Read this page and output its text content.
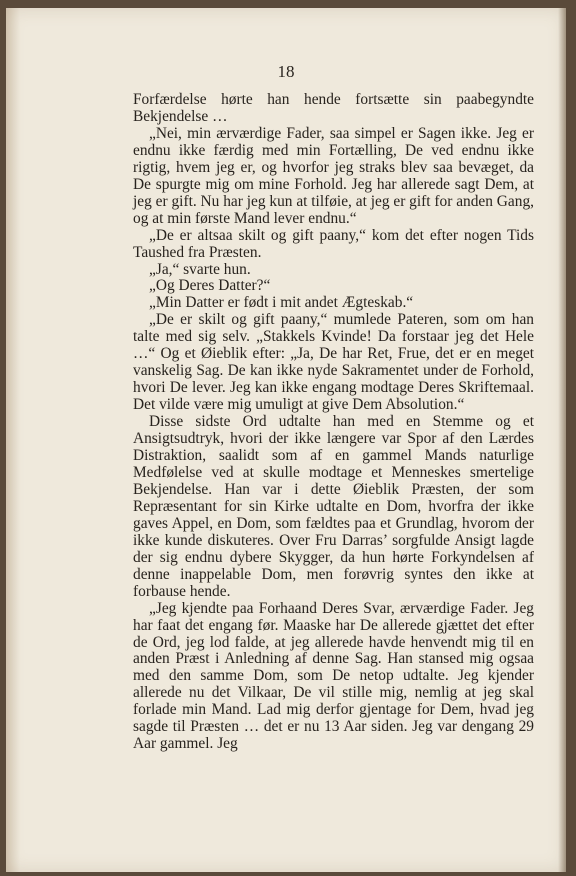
18

Forfærdelse hørte han hende fortsætte sin paabegyndte Bekjendelse …

„Nei, min ærværdige Fader, saa simpel er Sagen ikke. Jeg er endnu ikke færdig med min Fortælling, De ved endnu ikke rigtig, hvem jeg er, og hvorfor jeg straks blev saa bevæget, da De spurgte mig om mine Forhold. Jeg har allerede sagt Dem, at jeg er gift. Nu har jeg kun at tilføie, at jeg er gift for anden Gang, og at min første Mand lever endnu.“

„De er altsaa skilt og gift paany,“ kom det efter nogen Tids Taushed fra Præsten.

„Ja,“ svarte hun.

„Og Deres Datter?“

„Min Datter er født i mit andet Ægteskab.“

„De er skilt og gift paany,“ mumlede Pateren, som om han talte med sig selv. „Stakkels Kvinde! Da forstaar jeg det Hele …“ Og et Øieblik efter: „Ja, De har Ret, Frue, det er en meget vanskelig Sag. De kan ikke nyde Sakramentet under de Forhold, hvori De lever. Jeg kan ikke engang modtage Deres Skriftemaal. Det vilde være mig umuligt at give Dem Absolution.“

Disse sidste Ord udtalte han med en Stemme og et Ansigtsudtryk, hvori der ikke længere var Spor af den Lærdes Distraktion, saalidt som af en gammel Mands naturlige Medfølelse ved at skulle modtage et Menneskes smertelige Bekjendelse. Han var i dette Øieblik Præsten, der som Repræsentant for sin Kirke udtalte en Dom, hvorfra der ikke gaves Appel, en Dom, som fældtes paa et Grundlag, hvorom der ikke kunde diskuteres. Over Fru Darras’ sorgfulde Ansigt lagde der sig endnu dybere Skygger, da hun hørte Forkyndelsen af denne inappelable Dom, men forøvrig syntes den ikke at forbause hende.

„Jeg kjendte paa Forhaand Deres Svar, ærværdige Fader. Jeg har faat det engang før. Maaske har De allerede gjættet det efter de Ord, jeg lod falde, at jeg allerede havde henvendt mig til en anden Præst i Anledning af denne Sag. Han stansed mig ogsaa med den samme Dom, som De netop udtalte. Jeg kjender allerede nu det Vilkaar, De vil stille mig, nemlig at jeg skal forlade min Mand. Lad mig derfor gjentage for Dem, hvad jeg sagde til Præsten … det er nu 13 Aar siden. Jeg var dengang 29 Aar gammel. Jeg
